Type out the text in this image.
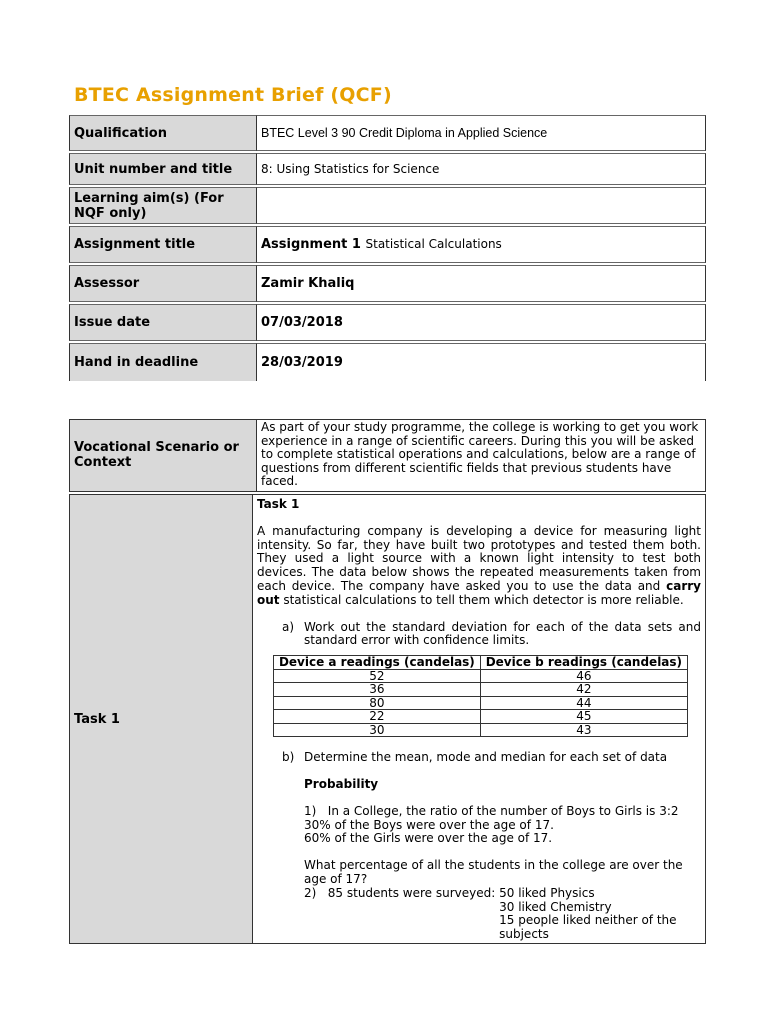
BTEC Assignment Brief (QCF)
Qualification	BTEC Level 3 90 Credit Diploma in Applied Science
Unit number and title	8: Using Statistics for Science
Learning aim(s) (For NQF only)	
Assignment title	Assignment 1 Statistical Calculations
Assessor	Zamir Khaliq
Issue date	07/03/2018
Hand in deadline	28/03/2019
Vocational Scenario or Context	As part of your study programme, the college is working to get you work experience in a range of scientific careers. During this you will be asked to complete statistical operations and calculations, below are a range of questions from different scientific fields that previous students have faced.
Task 1
Task 1

A manufacturing company is developing a device for measuring light intensity. So far, they have built two prototypes and tested them both. They used a light source with a known light intensity to test both devices. The data below shows the repeated measurements taken from each device. The company have asked you to use the data and carry out statistical calculations to tell them which detector is more reliable.

a) Work out the standard deviation for each of the data sets and standard error with confidence limits.
Device a readings (candelas)	Device b readings (candelas)
52	46
36	42
80	44
22	45
30	43
b) Determine the mean, mode and median for each set of data
Probability
1) In a College, the ratio of the number of Boys to Girls is 3:2
30% of the Boys were over the age of 17.
60% of the Girls were over the age of 17.
What percentage of all the students in the college are over the age of 17?
2) 85 students were surveyed: 50 liked Physics
30 liked Chemistry
15 people liked neither of the subjects
